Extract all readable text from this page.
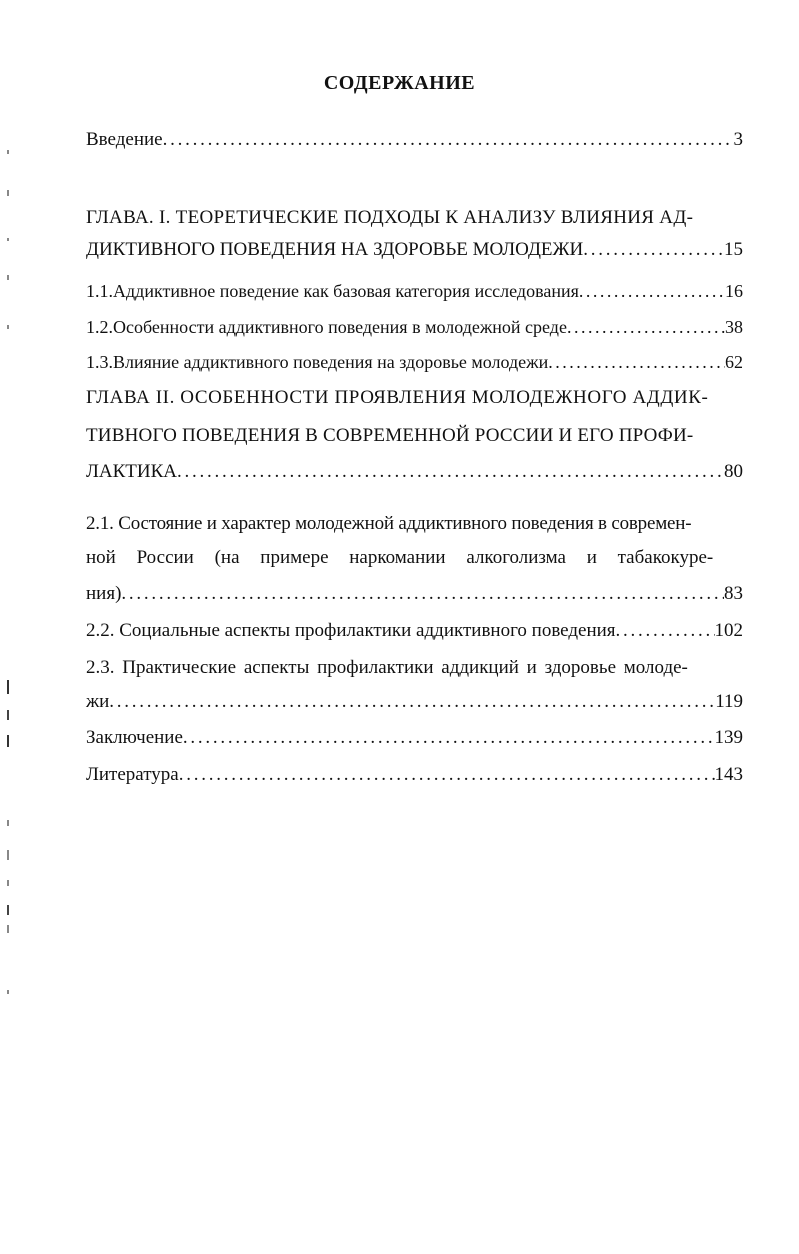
СОДЕРЖАНИЕ
Введение . . .	3
ГЛАВА. I. ТЕОРЕТИЧЕСКИЕ ПОДХОДЫ К АНАЛИЗУ ВЛИЯНИЯ АД-
ДИКТИВНОГО ПОВЕДЕНИЯ НА ЗДОРОВЬЕ МОЛОДЕЖИ . . .	15
1.1. Аддиктивное поведение как базовая категория исследования . . .	16
1.2. Особенности аддиктивного поведения в молодежной среде . . .	38
1.3. Влияние аддиктивного поведения на здоровье молодежи . . .	62
ГЛАВА II. ОСОБЕННОСТИ ПРОЯВЛЕНИЯ МОЛОДЕЖНОГО АДДИК-
ТИВНОГО ПОВЕДЕНИЯ В СОВРЕМЕННОЙ РОССИИ И ЕГО ПРОФИ-
ЛАКТИКА . . .	80
2.1. Состояние и характер молодежной аддиктивного поведения в современ-
ной России (на примере наркомании алкоголизма и табакокуре-
ния) . . .	83
2.2. Социальные аспекты профилактики аддиктивного поведения . . .	102
2.3. Практические аспекты профилактики аддикций и здоровье молоде-
жи . . .	119
Заключение . . .	139
Литература . . .	143
